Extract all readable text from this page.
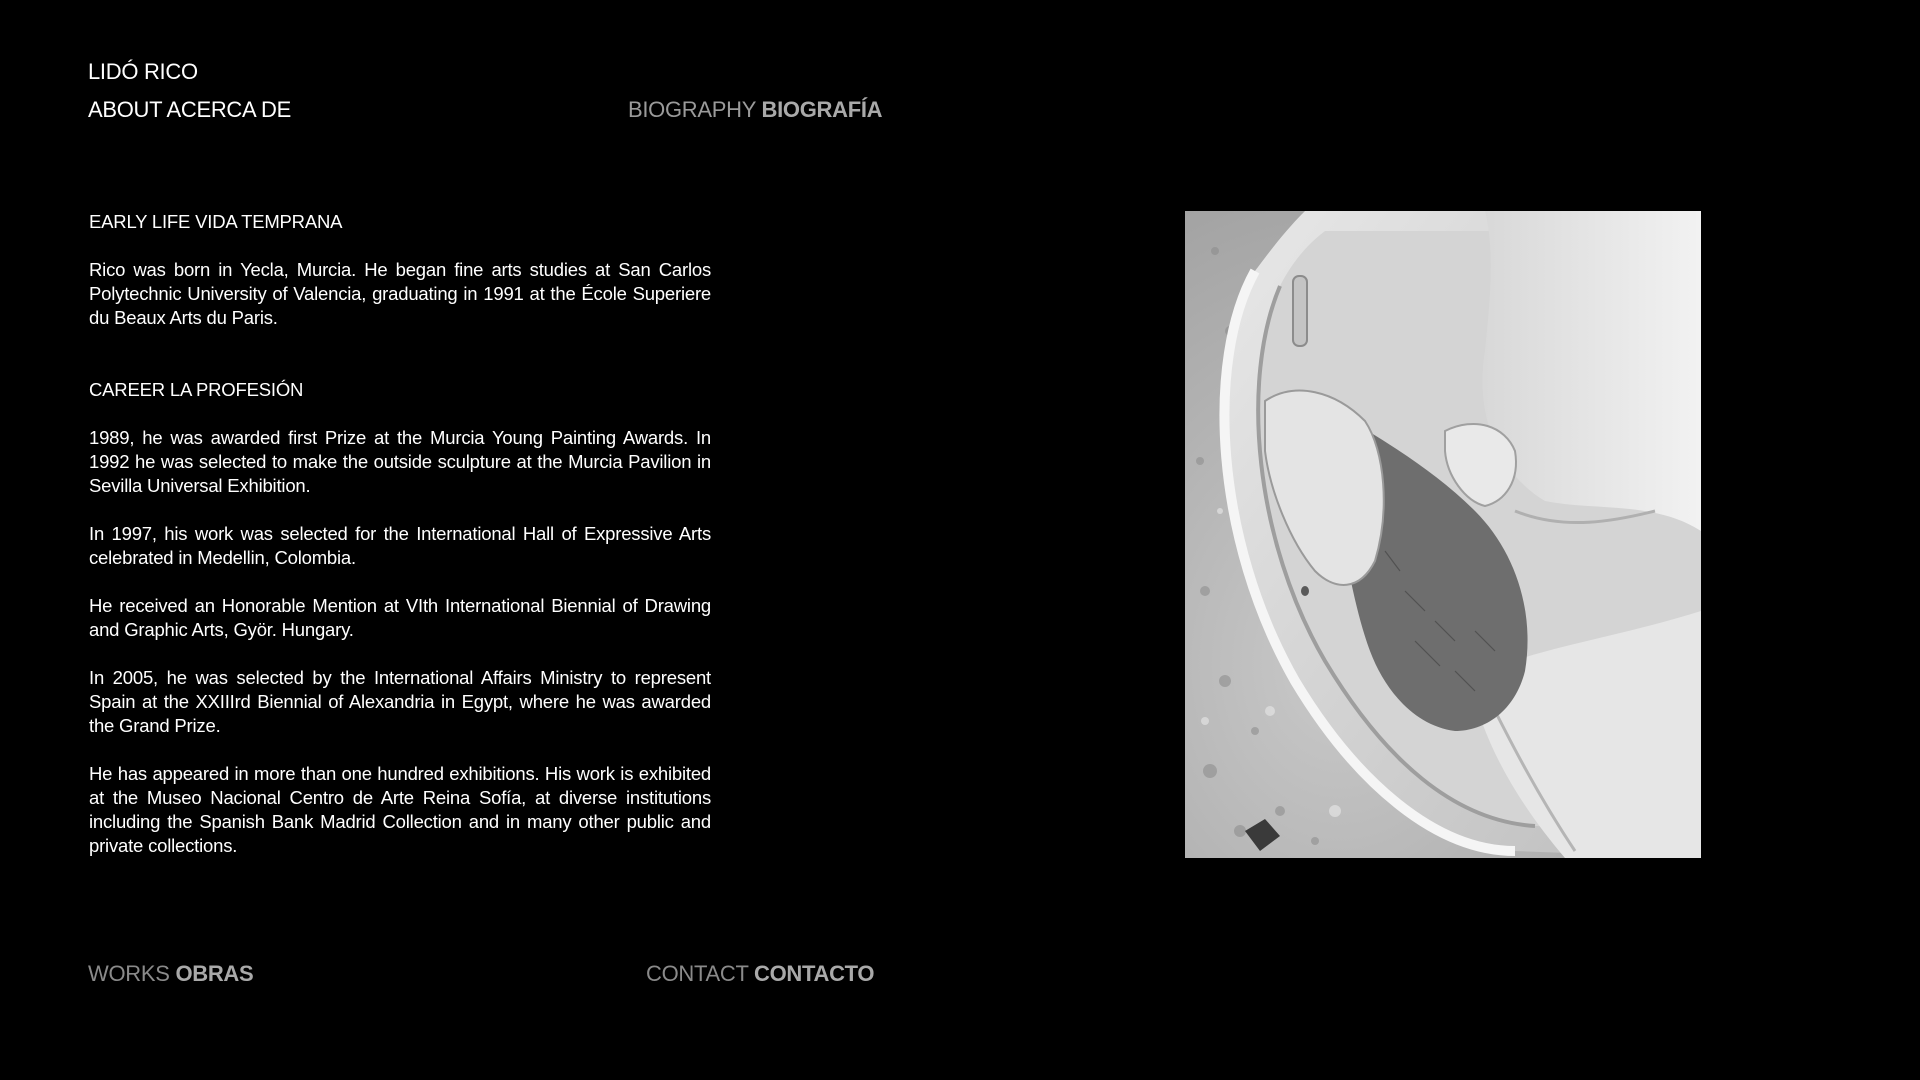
LIDÓ RICO
ABOUT ACERCA DE	BIOGRAPHY BIOGRAFÍA
EARLY LIFE VIDA TEMPRANA

Rico was born in Yecla, Murcia. He began fine arts studies at San Carlos Polytechnic University of Valencia, graduating in 1991 at the École Superiere du Beaux Arts du Paris.

CAREER LA PROFESIÓN

1989, he was awarded first Prize at the Murcia Young Painting Awards. In 1992 he was selected to make the outside sculpture at the Murcia Pavilion in Sevilla Universal Exhibition.

In 1997, his work was selected for the International Hall of Expressive Arts celebrated in Medellin, Colombia.

He received an Honorable Mention at VIth International Biennial of Drawing and Graphic Arts, Györ. Hungary.

In 2005, he was selected by the International Affairs Ministry to represent Spain at the XXIIIrd Biennial of Alexandria in Egypt, where he was awarded the Grand Prize.

He has appeared in more than one hundred exhibitions. His work is exhibited at the Museo Nacional Centro de Arte Reina Sofía, at diverse institutions including the Spanish Bank Madrid Collection and in many other public and private collections.

WORKS OBRAS	CONTACT CONTACTO
